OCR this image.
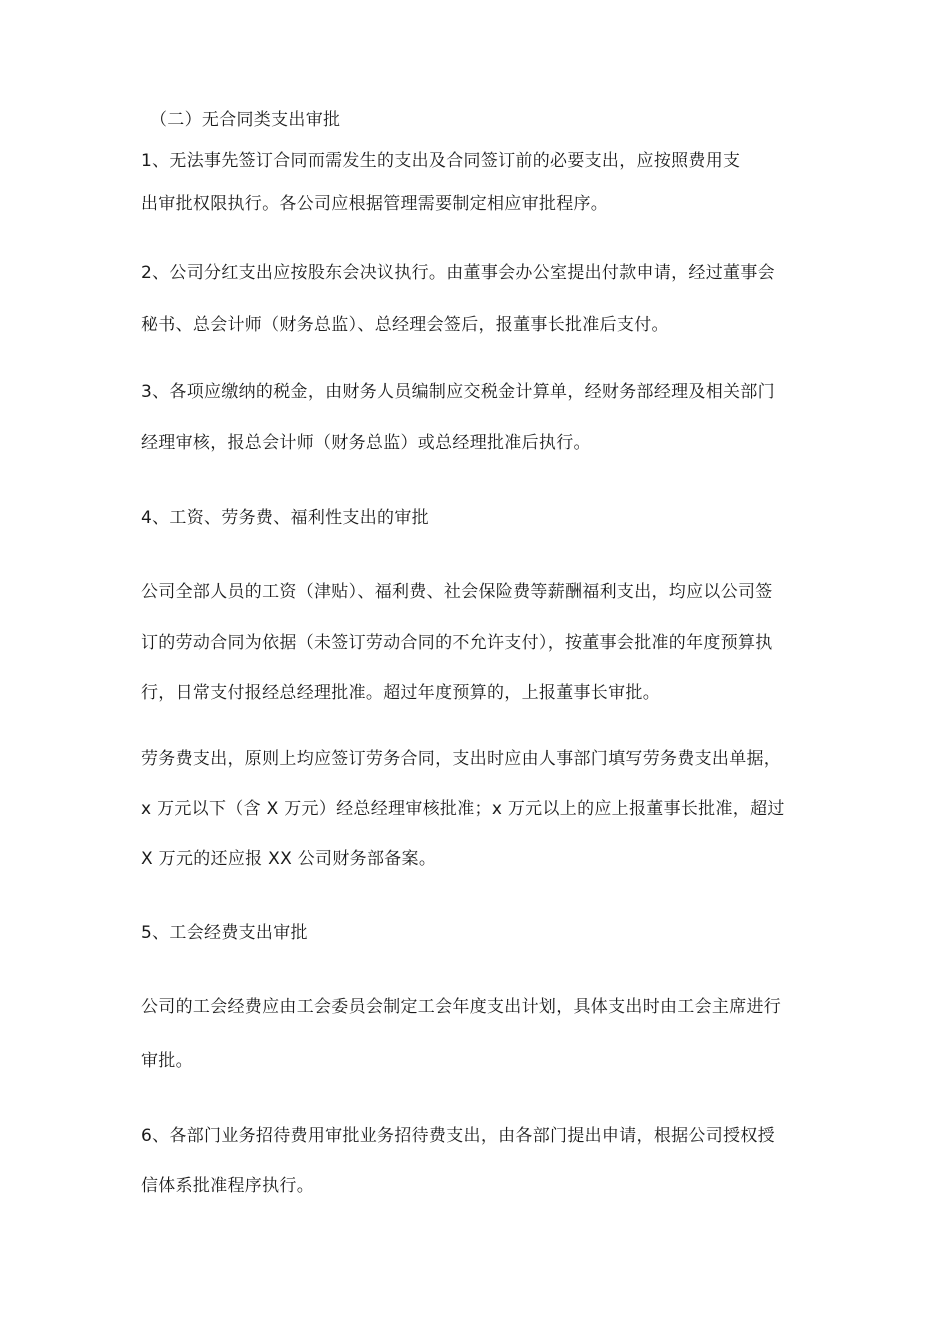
（二）无合同类支出审批
1、无法事先签订合同而需发生的支出及合同签订前的必要支出，应按照费用支
出审批权限执行。各公司应根据管理需要制定相应审批程序。
2、公司分红支出应按股东会决议执行。由董事会办公室提出付款申请，经过董事会
秘书、总会计师（财务总监）、总经理会签后，报董事长批准后支付。
3、各项应缴纳的税金，由财务人员编制应交税金计算单，经财务部经理及相关部门
经理审核，报总会计师（财务总监）或总经理批准后执行。
4、工资、劳务费、福利性支出的审批
公司全部人员的工资（津贴）、福利费、社会保险费等薪酬福利支出，均应以公司签
订的劳动合同为依据（未签订劳动合同的不允许支付），按董事会批准的年度预算执
行，日常支付报经总经理批准。超过年度预算的，上报董事长审批。
劳务费支出，原则上均应签订劳务合同，支出时应由人事部门填写劳务费支出单据，
x 万元以下（含 X 万元）经总经理审核批准；x 万元以上的应上报董事长批准，超过
X 万元的还应报 XX 公司财务部备案。
5、工会经费支出审批
公司的工会经费应由工会委员会制定工会年度支出计划，具体支出时由工会主席进行
审批。
6、各部门业务招待费用审批业务招待费支出，由各部门提出申请，根据公司授权授
信体系批准程序执行。
